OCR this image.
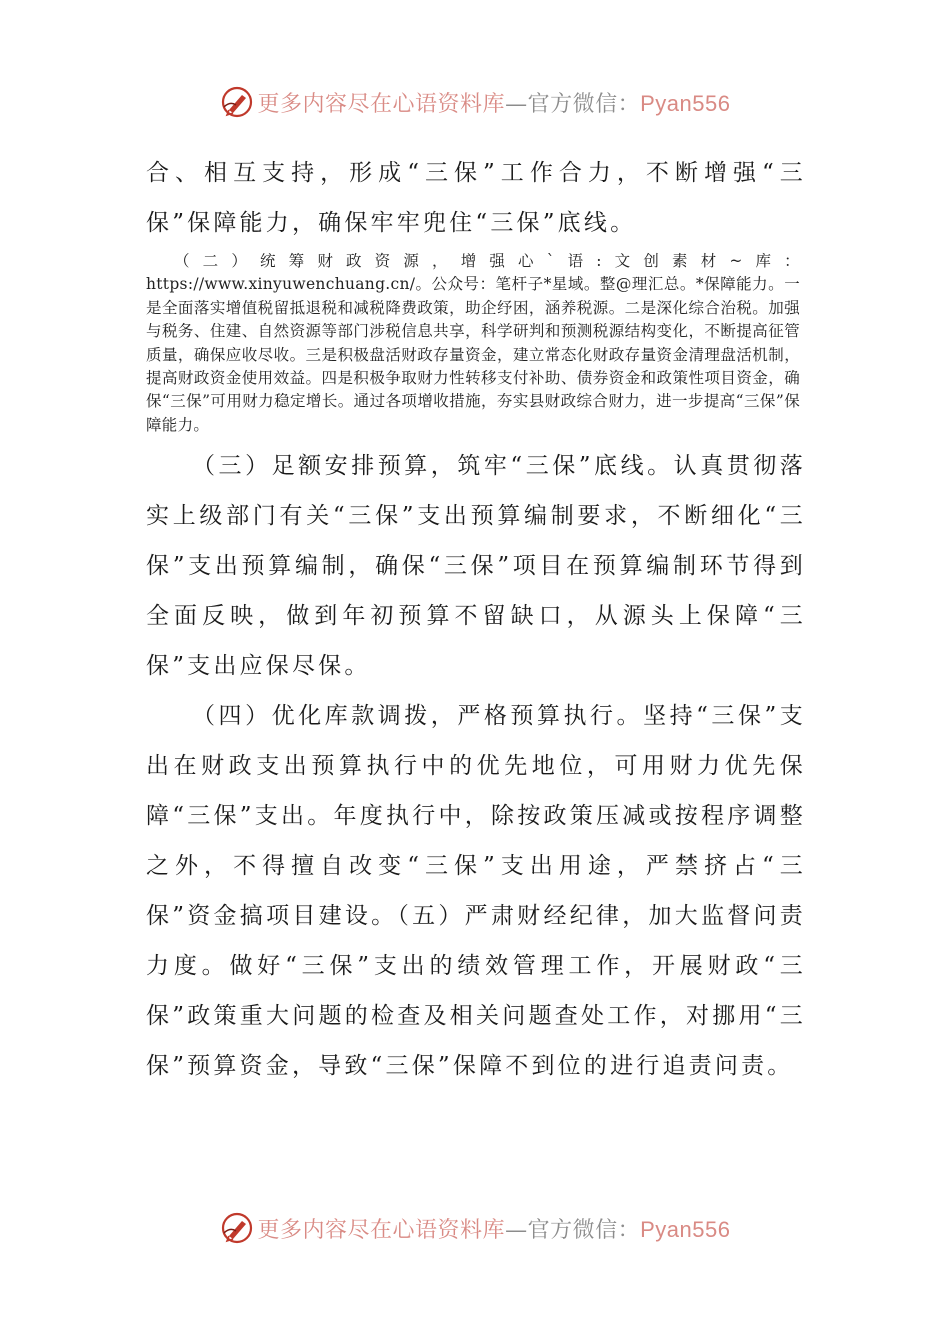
更多内容尽在心语资料库—官方微信：Pyan556

合、相互支持，形成“三保”工作合力，不断增强“三保”保障能力，确保牢牢兜住“三保”底线。

（二）统筹财政资源，增强心`语:文创素材~库：https://www.xinyuwenchuang.cn/。公众号：笔杆子*星域。整@理汇总。*保障能力。一是全面落实增值税留抵退税和减税降费政策，助企纾困，涵养税源。二是深化综合治税。加强与税务、住建、自然资源等部门涉税信息共享，科学研判和预测税源结构变化，不断提高征管质量，确保应收尽收。三是积极盘活财政存量资金，建立常态化财政存量资金清理盘活机制，提高财政资金使用效益。四是积极争取财力性转移支付补助、债券资金和政策性项目资金，确保“三保”可用财力稳定增长。通过各项增收措施，夯实县财政综合财力，进一步提高“三保”保障能力。

（三）足额安排预算，筑牢“三保”底线。认真贯彻落实上级部门有关“三保”支出预算编制要求，不断细化“三保”支出预算编制，确保“三保”项目在预算编制环节得到全面反映，做到年初预算不留缺口，从源头上保障“三保”支出应保尽保。

（四）优化库款调拨，严格预算执行。坚持“三保”支出在财政支出预算执行中的优先地位，可用财力优先保障“三保”支出。年度执行中，除按政策压减或按程序调整之外，不得擅自改变“三保”支出用途，严禁挤占“三保”资金搞项目建设。（五）严肃财经纪律，加大监督问责力度。做好“三保”支出的绩效管理工作，开展财政“三保”政策重大问题的检查及相关问题查处工作，对挪用“三保”预算资金，导致“三保”保障不到位的进行追责问责。

更多内容尽在心语资料库—官方微信：Pyan556
